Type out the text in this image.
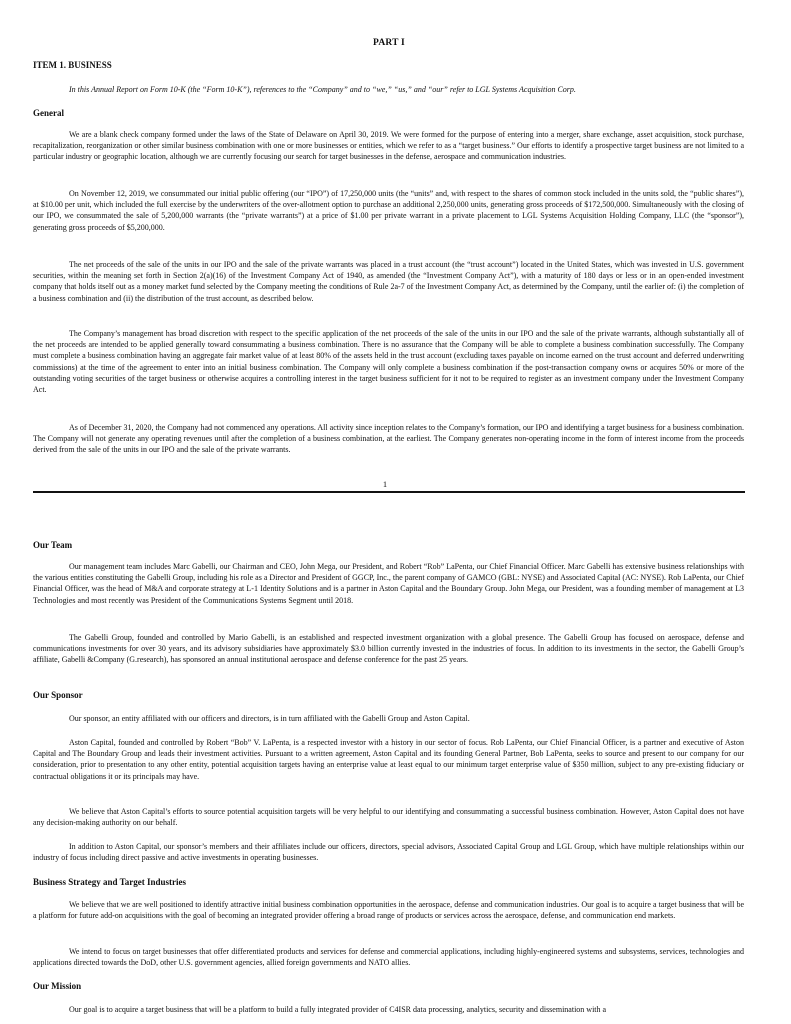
PART I
ITEM 1. BUSINESS

In this Annual Report on Form 10-K (the “Form 10-K”), references to the “Company” and to “we,” “us,” and “our” refer to LGL Systems Acquisition Corp.

General

We are a blank check company formed under the laws of the State of Delaware on April 30, 2019. We were formed for the purpose of entering into a merger, share exchange, asset acquisition, stock purchase, recapitalization, reorganization or other similar business combination with one or more businesses or entities, which we refer to as a “target business.” Our efforts to identify a prospective target business are not limited to a particular industry or geographic location, although we are currently focusing our search for target businesses in the defense, aerospace and communication industries.

On November 12, 2019, we consummated our initial public offering (our “IPO”) of 17,250,000 units (the “units” and, with respect to the shares of common stock included in the units sold, the “public shares”), at $10.00 per unit, which included the full exercise by the underwriters of the over-allotment option to purchase an additional 2,250,000 units, generating gross proceeds of $172,500,000. Simultaneously with the closing of our IPO, we consummated the sale of 5,200,000 warrants (the “private warrants”) at a price of $1.00 per private warrant in a private placement to LGL Systems Acquisition Holding Company, LLC (the “sponsor”), generating gross proceeds of $5,200,000.

The net proceeds of the sale of the units in our IPO and the sale of the private warrants was placed in a trust account (the “trust account”) located in the United States, which was invested in U.S. government securities, within the meaning set forth in Section 2(a)(16) of the Investment Company Act of 1940, as amended (the “Investment Company Act”), with a maturity of 180 days or less or in an open-ended investment company that holds itself out as a money market fund selected by the Company meeting the conditions of Rule 2a-7 of the Investment Company Act, as determined by the Company, until the earlier of: (i) the completion of a business combination and (ii) the distribution of the trust account, as described below.

The Company’s management has broad discretion with respect to the specific application of the net proceeds of the sale of the units in our IPO and the sale of the private warrants, although substantially all of the net proceeds are intended to be applied generally toward consummating a business combination. There is no assurance that the Company will be able to complete a business combination successfully. The Company must complete a business combination having an aggregate fair market value of at least 80% of the assets held in the trust account (excluding taxes payable on income earned on the trust account and deferred underwriting commissions) at the time of the agreement to enter into an initial business combination. The Company will only complete a business combination if the post-transaction company owns or acquires 50% or more of the outstanding voting securities of the target business or otherwise acquires a controlling interest in the target business sufficient for it not to be required to register as an investment company under the Investment Company Act.

As of December 31, 2020, the Company had not commenced any operations. All activity since inception relates to the Company’s formation, our IPO and identifying a target business for a business combination. The Company will not generate any operating revenues until after the completion of a business combination, at the earliest. The Company generates non-operating income in the form of interest income from the proceeds derived from the sale of the units in our IPO and the sale of the private warrants.

1
Our Team

Our management team includes Marc Gabelli, our Chairman and CEO, John Mega, our President, and Robert “Rob” LaPenta, our Chief Financial Officer. Marc Gabelli has extensive business relationships with the various entities constituting the Gabelli Group, including his role as a Director and President of GGCP, Inc., the parent company of GAMCO (GBL: NYSE) and Associated Capital (AC: NYSE). Rob LaPenta, our Chief Financial Officer, was the head of M&A and corporate strategy at L-1 Identity Solutions and is a partner in Aston Capital and the Boundary Group. John Mega, our President, was a founding member of management at L3 Technologies and most recently was President of the Communications Systems Segment until 2018.

The Gabelli Group, founded and controlled by Mario Gabelli, is an established and respected investment organization with a global presence. The Gabelli Group has focused on aerospace, defense and communications investments for over 30 years, and its advisory subsidiaries have approximately $3.0 billion currently invested in the industries of focus. In addition to its investments in the sector, the Gabelli Group’s affiliate, Gabelli &Company (G.research), has sponsored an annual institutional aerospace and defense conference for the past 25 years.

Our Sponsor

Our sponsor, an entity affiliated with our officers and directors, is in turn affiliated with the Gabelli Group and Aston Capital.

Aston Capital, founded and controlled by Robert “Bob” V. LaPenta, is a respected investor with a history in our sector of focus. Rob LaPenta, our Chief Financial Officer, is a partner and executive of Aston Capital and The Boundary Group and leads their investment activities. Pursuant to a written agreement, Aston Capital and its founding General Partner, Bob LaPenta, seeks to source and present to our company for our consideration, prior to presentation to any other entity, potential acquisition targets having an enterprise value at least equal to our minimum target enterprise value of $350 million, subject to any pre-existing fiduciary or contractual obligations it or its principals may have.

We believe that Aston Capital’s efforts to source potential acquisition targets will be very helpful to our identifying and consummating a successful business combination. However, Aston Capital does not have any decision-making authority on our behalf.

In addition to Aston Capital, our sponsor’s members and their affiliates include our officers, directors, special advisors, Associated Capital Group and LGL Group, which have multiple relationships within our industry of focus including direct passive and active investments in operating businesses.

Business Strategy and Target Industries

We believe that we are well positioned to identify attractive initial business combination opportunities in the aerospace, defense and communication industries. Our goal is to acquire a target business that will be a platform for future add-on acquisitions with the goal of becoming an integrated provider offering a broad range of products or services across the aerospace, defense, and communication end markets.

We intend to focus on target businesses that offer differentiated products and services for defense and commercial applications, including highly-engineered systems and subsystems, services, technologies and applications directed towards the DoD, other U.S. government agencies, allied foreign governments and NATO allies.

Our Mission

Our goal is to acquire a target business that will be a platform to build a fully integrated provider of C4ISR data processing, analytics, security and dissemination with a
